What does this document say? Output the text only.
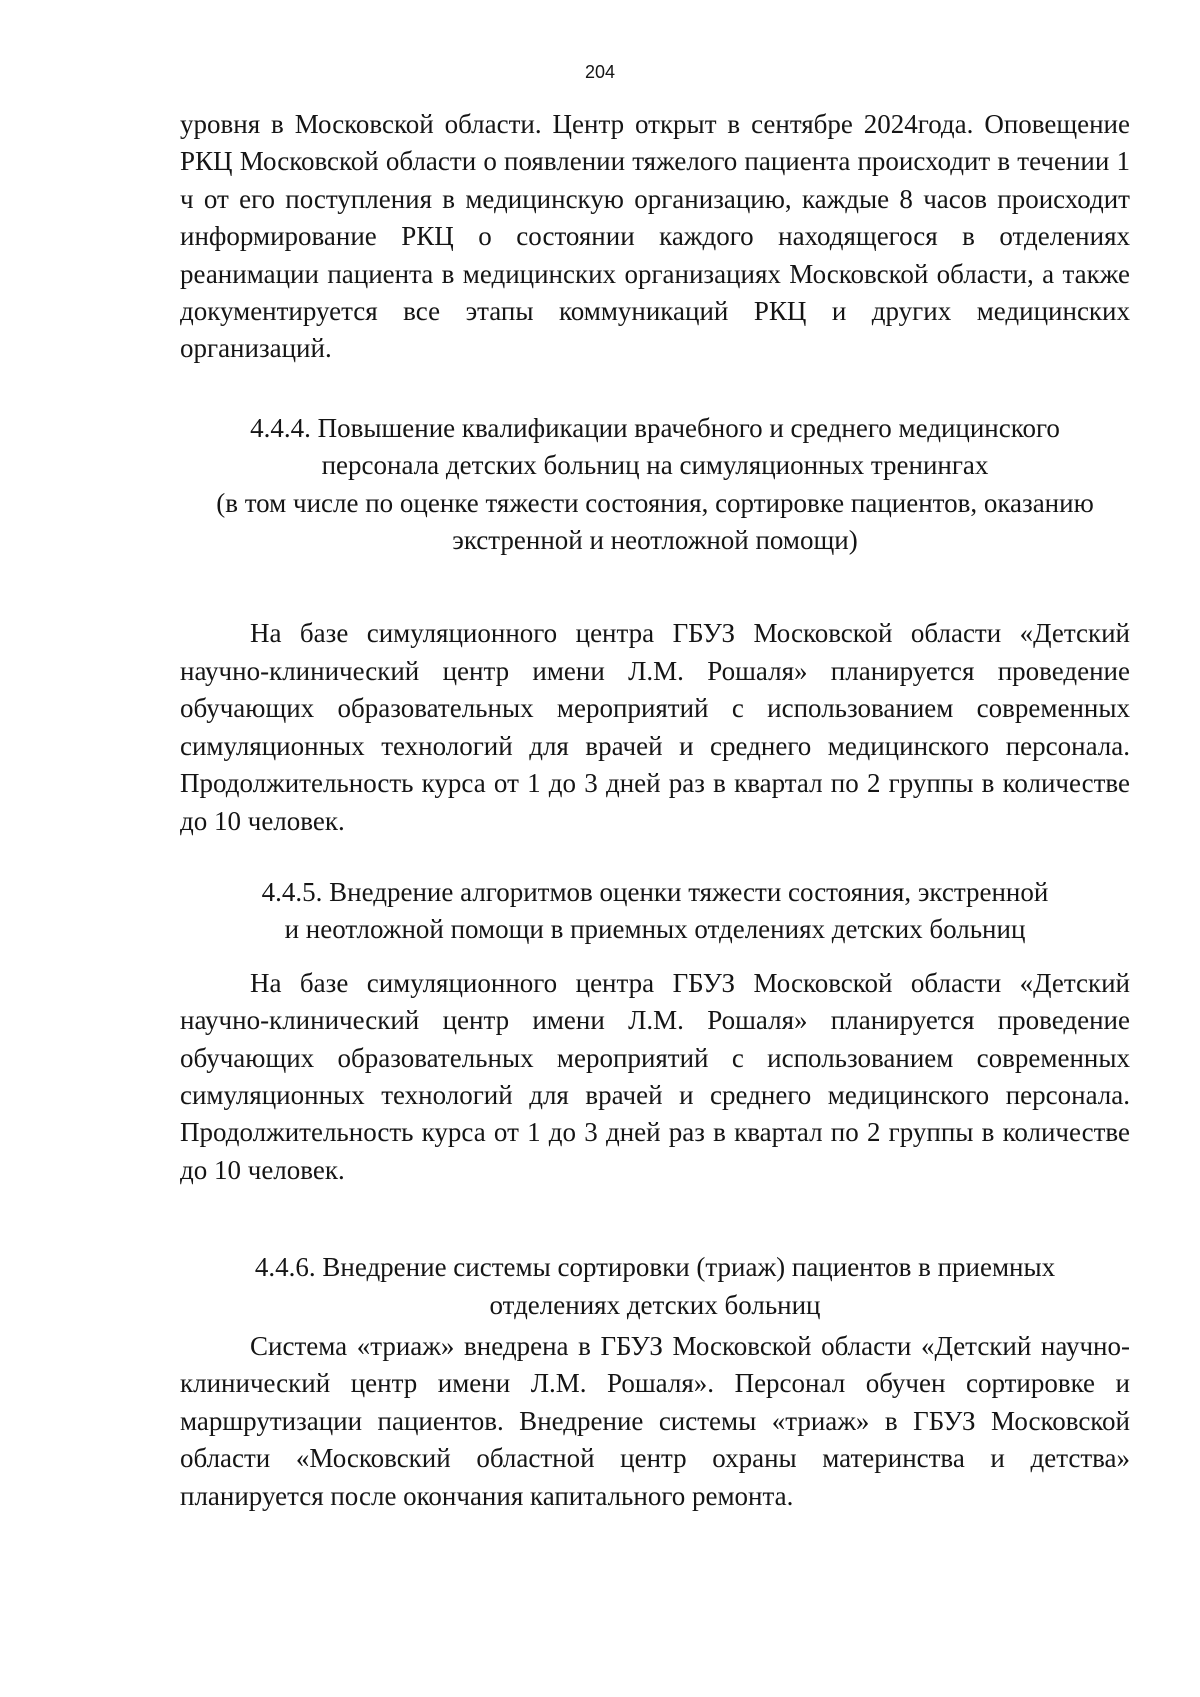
204

уровня в Московской области. Центр открыт в сентябре 2024года. Оповещение РКЦ Московской области о появлении тяжелого пациента происходит в течении 1 ч от его поступления в медицинскую организацию, каждые 8 часов происходит информирование РКЦ о состоянии каждого находящегося в отделениях реанимации пациента в медицинских организациях Московской области, а также документируется все этапы коммуникаций РКЦ и других медицинских организаций.

4.4.4. Повышение квалификации врачебного и среднего медицинского
персонала детских больниц на симуляционных тренингах
(в том числе по оценке тяжести состояния, сортировке пациентов, оказанию
экстренной и неотложной помощи)

На базе симуляционного центра ГБУЗ Московской области «Детский научно-клинический центр имени Л.М. Рошаля» планируется проведение обучающих образовательных мероприятий с использованием современных симуляционных технологий для врачей и среднего медицинского персонала. Продолжительность курса от 1 до 3 дней раз в квартал по 2 группы в количестве до 10 человек.

4.4.5. Внедрение алгоритмов оценки тяжести состояния, экстренной
и неотложной помощи в приемных отделениях детских больниц

На базе симуляционного центра ГБУЗ Московской области «Детский научно-клинический центр имени Л.М. Рошаля» планируется проведение обучающих образовательных мероприятий с использованием современных симуляционных технологий для врачей и среднего медицинского персонала. Продолжительность курса от 1 до 3 дней раз в квартал по 2 группы в количестве до 10 человек.

4.4.6. Внедрение системы сортировки (триаж) пациентов в приемных
отделениях детских больниц

Система «триаж» внедрена в ГБУЗ Московской области «Детский научно-клинический центр имени Л.М. Рошаля». Персонал обучен сортировке и маршрутизации пациентов. Внедрение системы «триаж» в ГБУЗ Московской области «Московский областной центр охраны материнства и детства» планируется после окончания капитального ремонта.
